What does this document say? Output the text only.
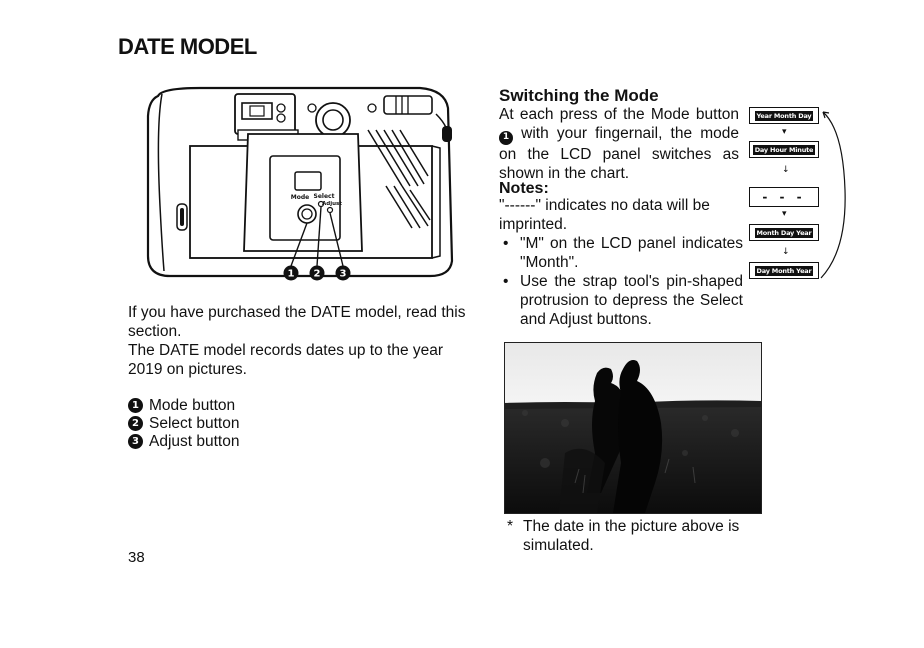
DATE MODEL
1 2 3
Mode Select
Adjust

If you have purchased the DATE model, read this section.

The DATE model records dates up to the year 2019 on pictures.

1 Mode button
2 Select button
3 Adjust button
38
Switching the Mode

At each press of the Mode button 1 with your fingernail, the mode on the LCD panel switches as shown in the chart.

Notes:

"------" indicates no data will be imprinted.

• "M" on the LCD panel indicates "Month".
• Use the strap tool's pin-shaped protrusion to depress the Select and Adjust buttons.
Year Month Day
▾
Day Hour Minute
↓
- - -
▾
Month Day Year
↓
Day Month Year
* The date in the picture above is simulated.
